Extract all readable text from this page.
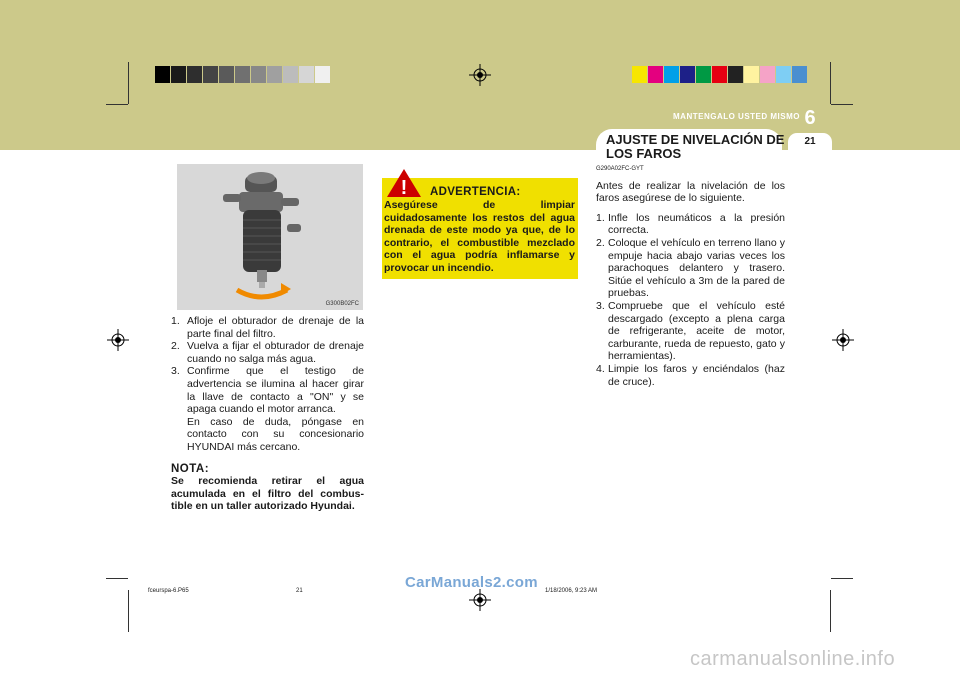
MANTENGALO USTED MISMO 6
AJUSTE DE NIVELACIÓN DE
LOS FAROS
21
G300B02FC
1. Afloje el obturador de drenaje de la parte final del filtro.
2. Vuelva a fijar el obturador de drenaje cuando no salga más agua.
3. Confirme que el testigo de advertencia se ilumina al hacer girar la llave de contacto a "ON" y se apaga cuando el motor arranca.
En caso de duda, póngase en contacto con su concesionario HYUNDAI más cercano.
NOTA:
Se recomienda retirar el agua acumulada en el filtro del combus-tible en un taller autorizado Hyundai.
! ADVERTENCIA:
Asegúrese de limpiar cuidadosamente los restos del agua drenada de este modo ya que, de lo contrario, el combustible mezclado con el agua podría inflamarse y provocar un incendio.
G290A02FC-GYT

Antes de realizar la nivelación de los faros asegúrese de lo siguiente.

1. Infle los neumáticos a la presión correcta.
2. Coloque el vehículo en terreno llano y empuje hacia abajo varias veces los parachoques delantero y trasero. Sitúe el vehículo a 3m de la pared de pruebas.
3. Compruebe que el vehículo esté descargado (excepto a plena carga de refrigerante, aceite de motor, carburante, rueda de repuesto, gato y herramientas).
4. Limpie los faros y enciéndalos (haz de cruce).
fceurspa-6.P65	21	1/18/2006, 9:23 AM
CarManuals2.com
carmanualsonline.info
